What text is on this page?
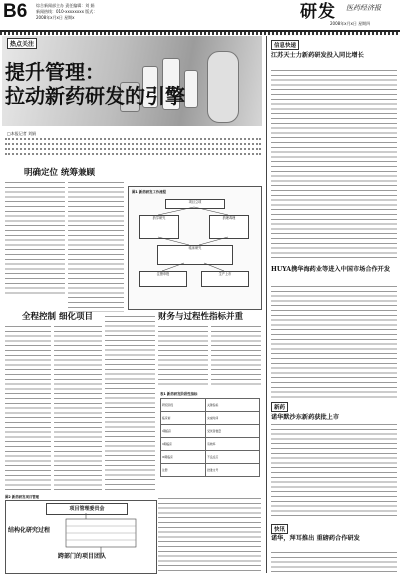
B6 综合新闻部主办 责任编辑：刘 娟
新闻热线：010-xxxxxxxx 版式：
2008年x月x日 星期x
医药经济报
研发
2008年x月x日 星期四
热点关注
提升管理：
拉动新药研发的引擎
□本报记者 刘娟
明确定位 统筹兼顾
图1 新药研发工作流程
项目立项
药学研究	药理毒理
临床研究
注册申报	生产上市
全程控制 细化项目	财务与过程性指标并重
表1 新药研发阶段性指标
研究阶段	关键指标
临床前	完成时间
I期临床	受试者数量
II期临床	有效率
III期临床	不良反应
注册	批准文号
图2 新药研发项目管理
项目管理委员会
结构化研究过程
跨部门的项目团队
信息快递
江苏天士力新药研发投入同比增长
HUYA携华海药业等进入中国市场合作开发
新药
诺华默沙东新药获批上市
快讯
诺华，拜耳推出 重磅药合作研发
